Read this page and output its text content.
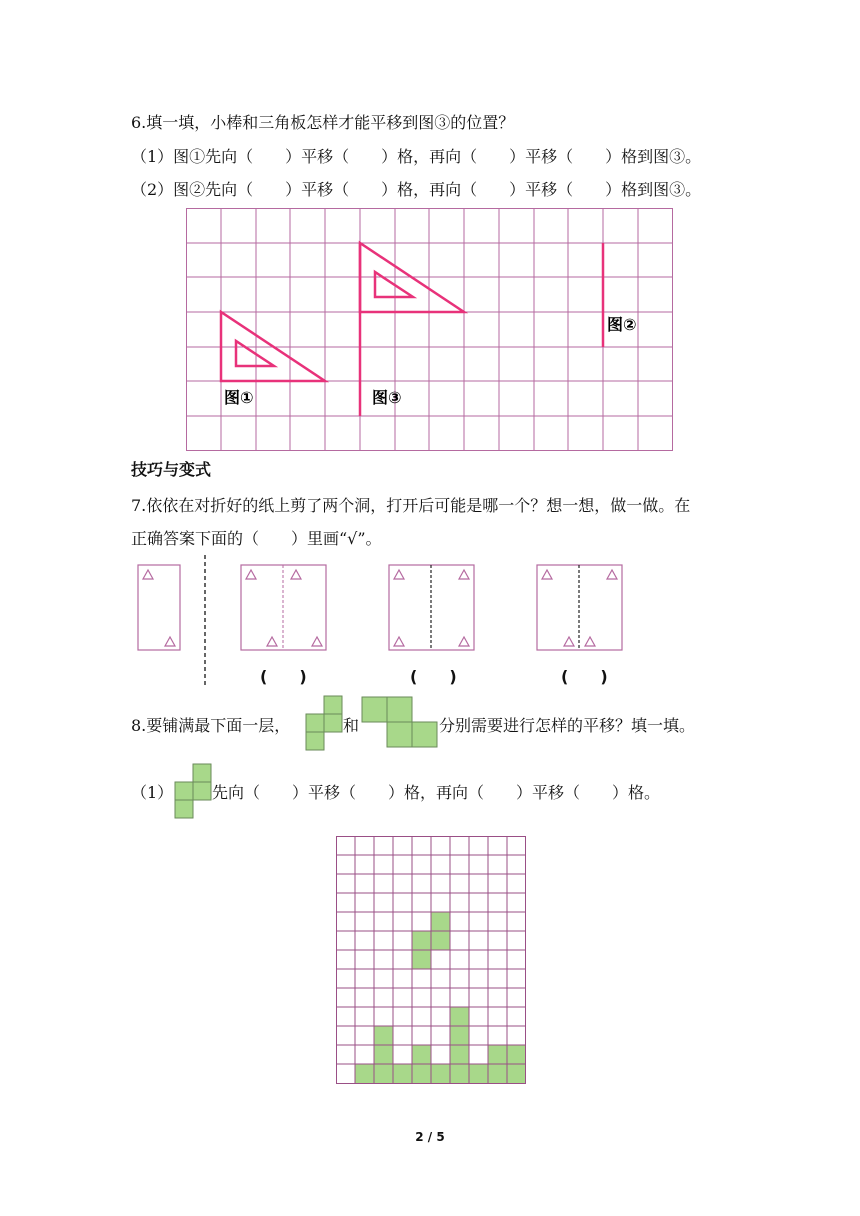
6.填一填，小棒和三角板怎样才能平移到图③的位置？
（1）图①先向（　　）平移（　　）格，再向（　　）平移（　　）格到图③。
（2）图②先向（　　）平移（　　）格，再向（　　）平移（　　）格到图③。
图①	图③
图②
技巧与变式
7.依依在对折好的纸上剪了两个洞，打开后可能是哪一个？想一想，做一做。在
正确答案下面的（　　）里画“√”。
(　　)	(　　)	(　　)
8.要铺满最下面一层，	和	分别需要进行怎样的平移？填一填。
（1） 先向（　　）平移（　　）格，再向（　　）平移（　　）格。
2 / 5
